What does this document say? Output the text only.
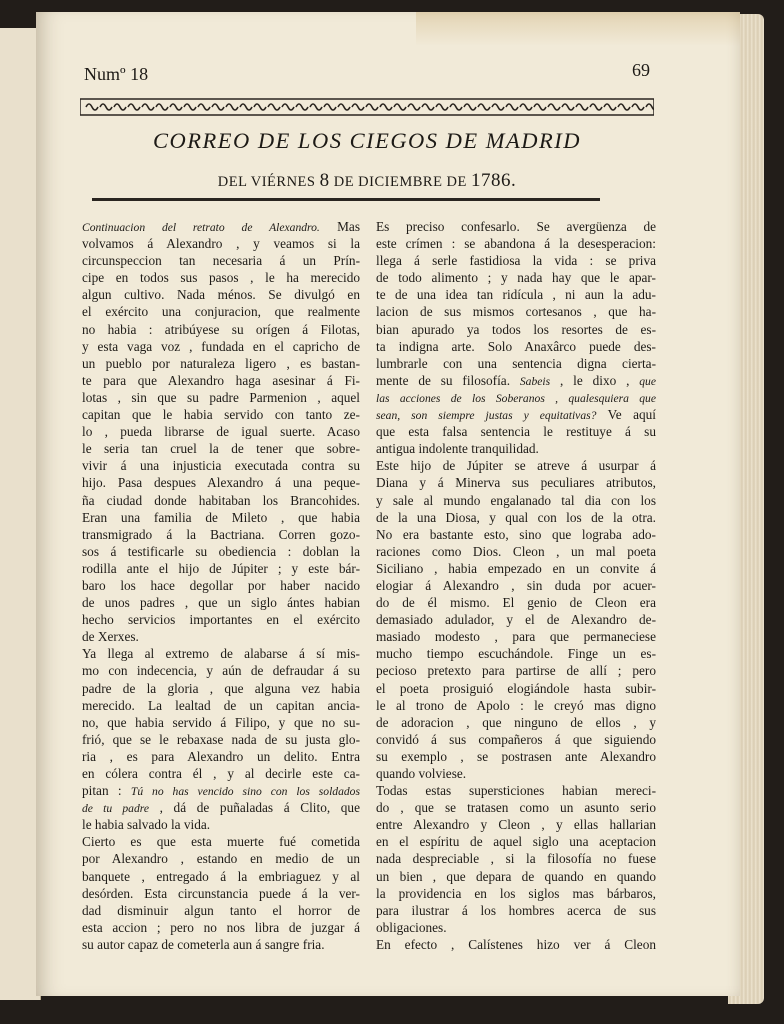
Numº 18	69
CORREO DE LOS CIEGOS DE MADRID
DEL VIÉRNES 8 DE DICIEMBRE DE 1786.
Continuacion del retrato de Alexandro. Mas
volvamos á Alexandro , y veamos si la
circunspeccion tan necesaria á un Prín-
cipe en todos sus pasos , le ha merecido
algun cultivo. Nada ménos. Se divulgó en
el exército una conjuracion, que realmente
no habia : atribúyese su orígen á Filotas,
y esta vaga voz , fundada en el capricho de
un pueblo por naturaleza ligero , es bastan-
te para que Alexandro haga asesinar á Fi-
lotas , sin que su padre Parmenion , aquel
capitan que le habia servido con tanto ze-
lo , pueda librarse de igual suerte. Acaso
le seria tan cruel la de tener que sobre-
vivir á una injusticia executada contra su
hijo. Pasa despues Alexandro á una peque-
ña ciudad donde habitaban los Brancohides.
Eran una familia de Mileto , que habia
transmigrado á la Bactriana. Corren gozo-
sos á testificarle su obediencia : doblan la
rodilla ante el hijo de Júpiter ; y este bár-
baro los hace degollar por haber nacido
de unos padres , que un siglo ántes habian
hecho servicios importantes en el exército
de Xerxes.
Ya llega al extremo de alabarse á sí mis-
mo con indecencia, y aún de defraudar á su
padre de la gloria , que alguna vez habia
merecido. La lealtad de un capitan ancia-
no, que habia servido á Filipo, y que no su-
frió, que se le rebaxase nada de su justa glo-
ria , es para Alexandro un delito. Entra
en cólera contra él , y al decirle este ca-
pitan : Tú no has vencido sino con los soldados
de tu padre , dá de puñaladas á Clito, que
le habia salvado la vida.
Cierto es que esta muerte fué cometida
por Alexandro , estando en medio de un
banquete , entregado á la embriaguez y al
desórden. Esta circunstancia puede á la ver-
dad disminuir algun tanto el horror de
esta accion ; pero no nos libra de juzgar á
su autor capaz de cometerla aun á sangre fria.
Es preciso confesarlo. Se avergüenza de
este crímen : se abandona á la desesperacion:
llega á serle fastidiosa la vida : se priva
de todo alimento ; y nada hay que le apar-
te de una idea tan ridícula , ni aun la adu-
lacion de sus mismos cortesanos , que ha-
bian apurado ya todos los resortes de es-
ta indigna arte. Solo Anaxârco puede des-
lumbrarle con una sentencia digna cierta-
mente de su filosofía. Sabeis , le dixo , que
las acciones de los Soberanos , qualesquiera que
sean, son siempre justas y equitativas? Ve aquí
que esta falsa sentencia le restituye á su
antigua indolente tranquilidad.
Este hijo de Júpiter se atreve á usurpar á
Diana y á Minerva sus peculiares atributos,
y sale al mundo engalanado tal dia con los
de la una Diosa, y qual con los de la otra.
No era bastante esto, sino que lograba ado-
raciones como Dios. Cleon , un mal poeta
Siciliano , habia empezado en un convite á
elogiar á Alexandro , sin duda por acuer-
do de él mismo. El genio de Cleon era
demasiado adulador, y el de Alexandro de-
masiado modesto , para que permaneciese
mucho tiempo escuchándole. Finge un es-
pecioso pretexto para partirse de allí ; pero
el poeta prosiguió elogiándole hasta subir-
le al trono de Apolo : le creyó mas digno
de adoracion , que ninguno de ellos , y
convidó á sus compañeros á que siguiendo
su exemplo , se postrasen ante Alexandro
quando volviese.
Todas estas supersticiones habian mereci-
do , que se tratasen como un asunto serio
entre Alexandro y Cleon , y ellas hallarian
en el espíritu de aquel siglo una aceptacion
nada despreciable , si la filosofía no fuese
un bien , que depara de quando en quando
la providencia en los siglos mas bárbaros,
para ilustrar á los hombres acerca de sus
obligaciones.
En efecto , Calístenes hizo ver á Cleon
